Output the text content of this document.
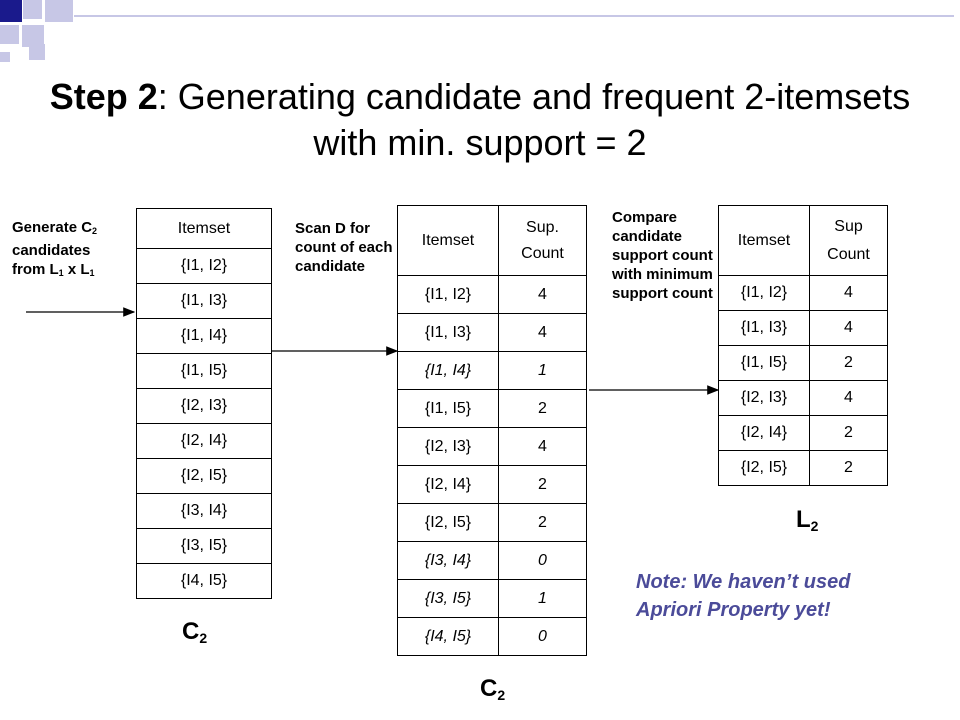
Step 2: Generating candidate and frequent 2-itemsets with min. support = 2
Generate $C_2$
candidates
from $L_1$ x $L_1$
Scan D for count of each candidate
Compare candidate support count with minimum support count
Itemset
{I1, I2}
{I1, I3}
{I1, I4}
{I1, I5}
{I2, I3}
{I2, I4}
{I2, I5}
{I3, I4}
{I3, I5}
{I4, I5}
Itemset	Sup.
Count
{I1, I2}	4
{I1, I3}	4
{I1, I4}	1
{I1, I5}	2
{I2, I3}	4
{I2, I4}	2
{I2, I5}	2
{I3, I4}	0
{I3, I5}	1
{I4, I5}	0
Itemset	Sup
Count
{I1, I2}	4
{I1, I3}	4
{I1, I5}	2
{I2, I3}	4
{I2, I4}	2
{I2, I5}	2
$C_2$
$C_2$
$L_2$
Note: We haven’t used Apriori Property yet!
